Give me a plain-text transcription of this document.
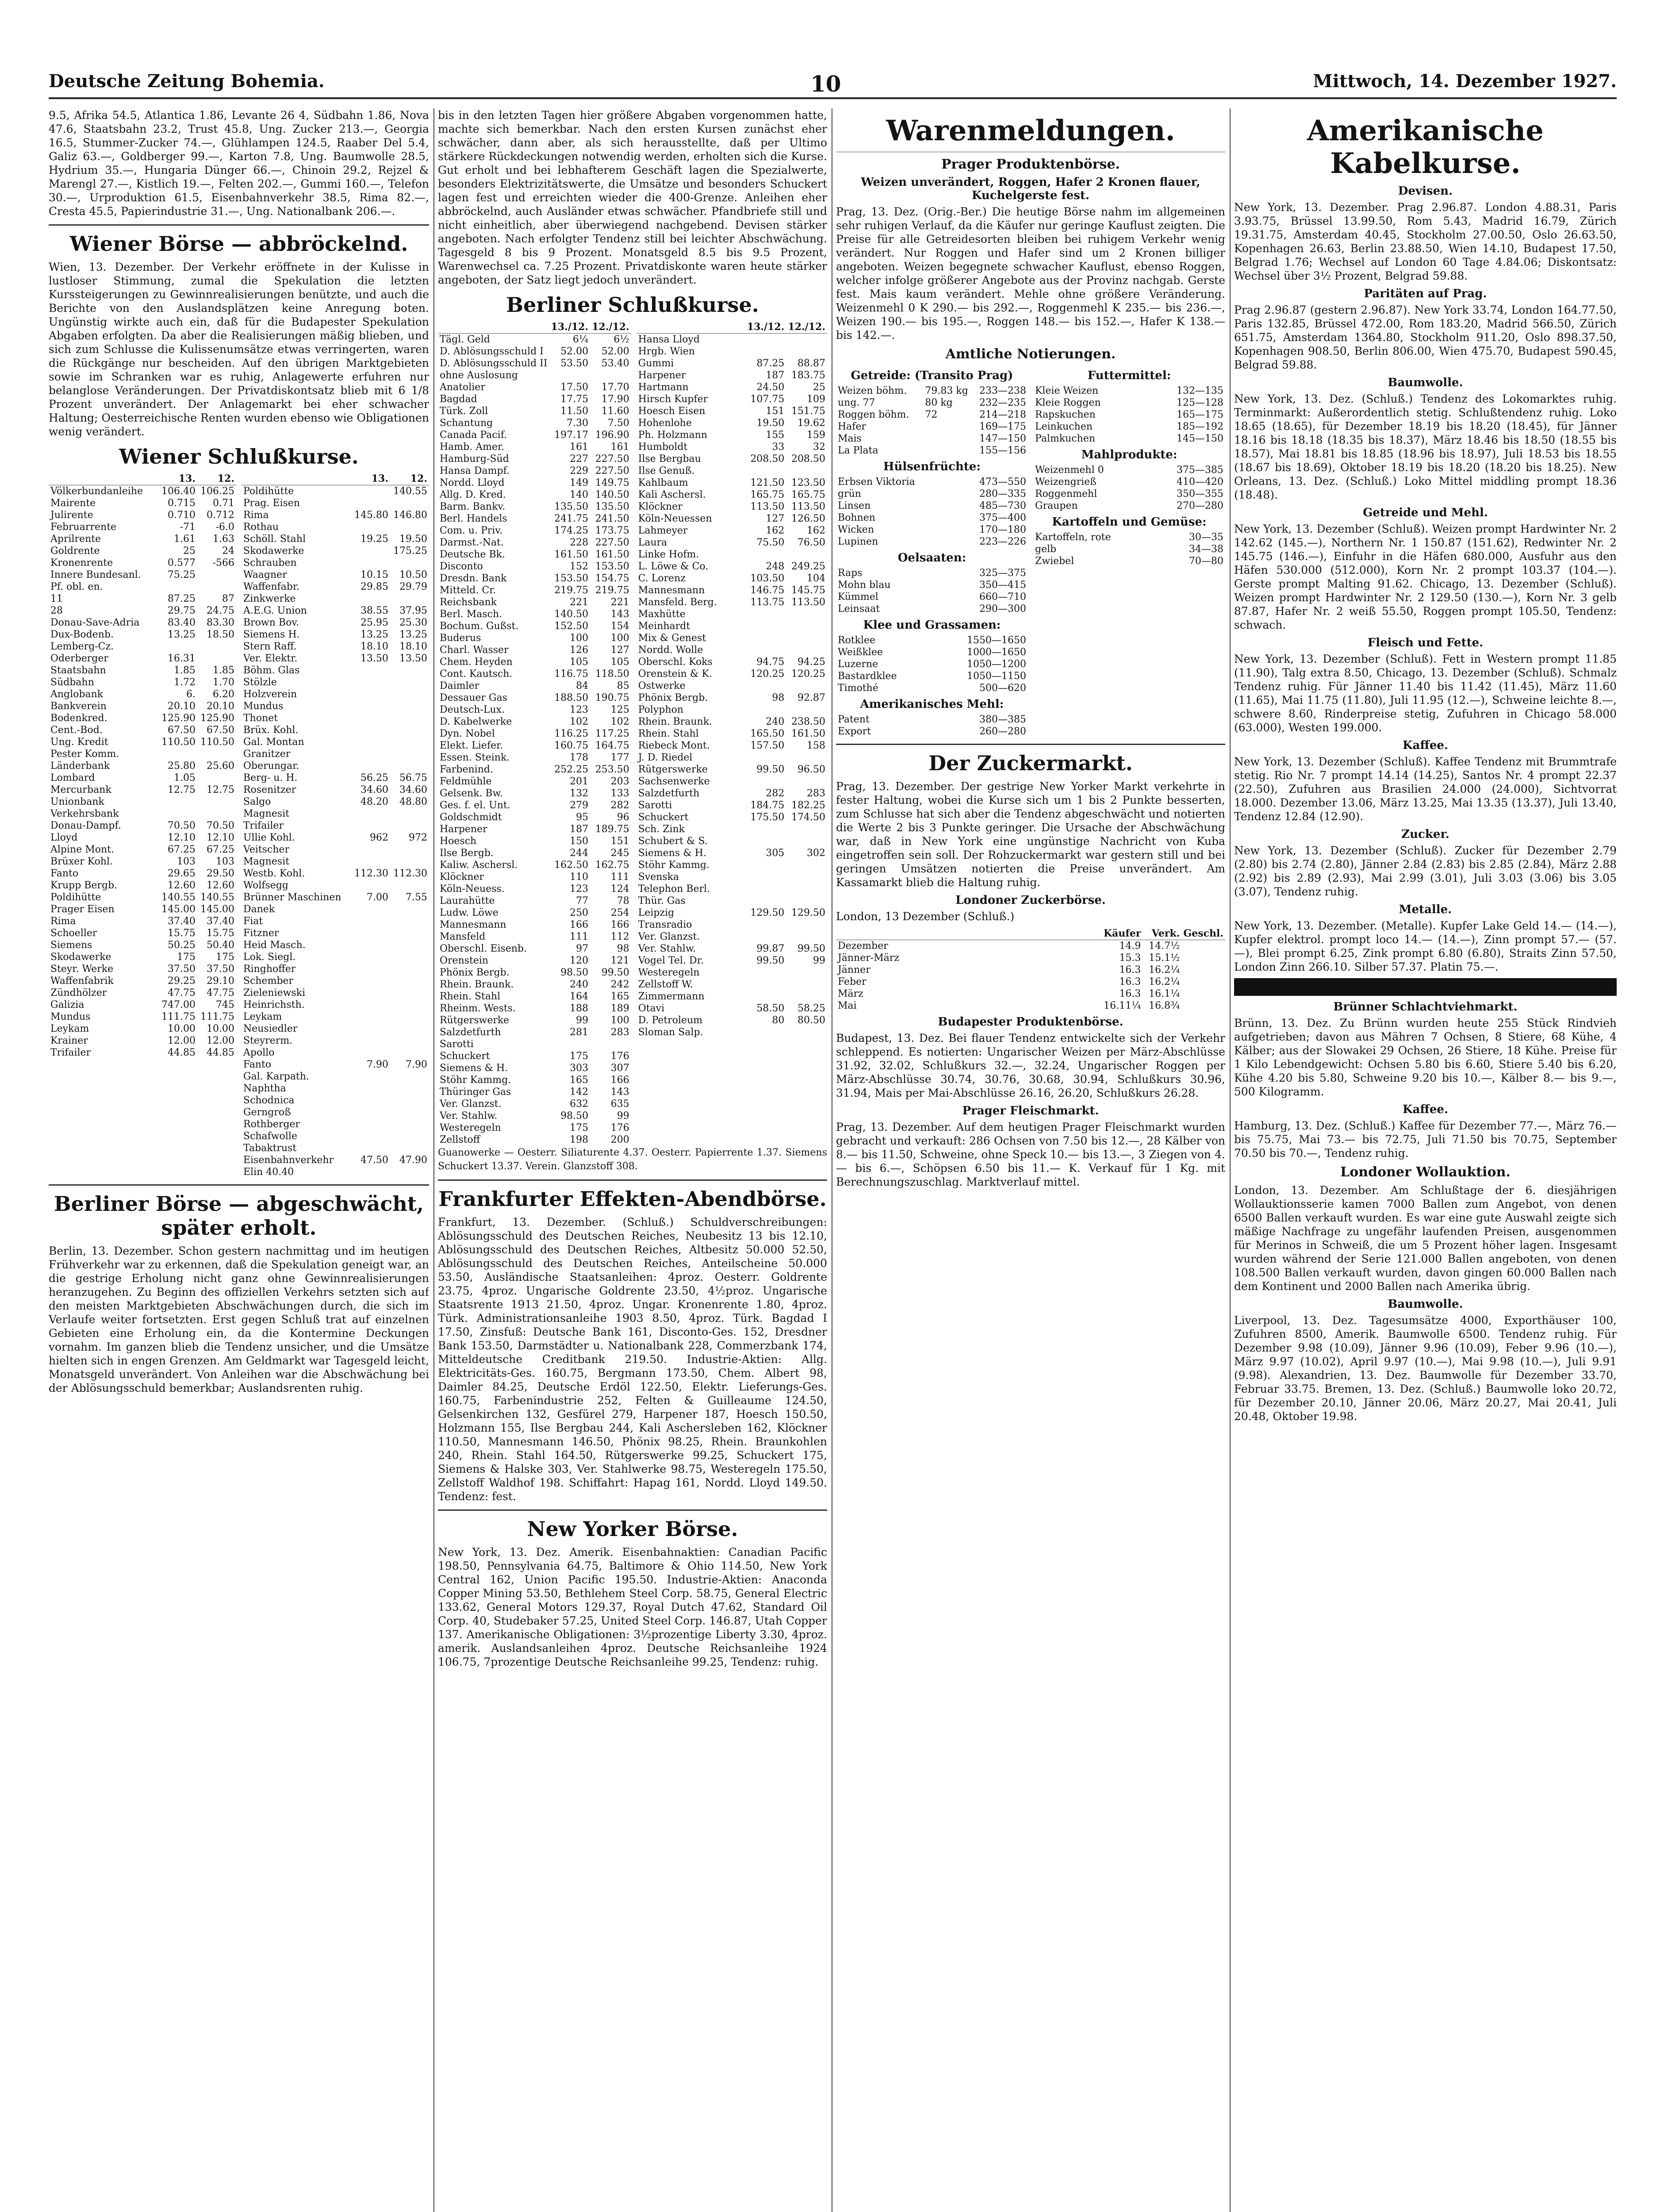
Deutsche Zeitung Bohemia.	10	Mittwoch, 14. Dezember 1927.

9.5, Afrika 54.5, Atlantica 1.86, Levante 26 4, Südbahn 1.86, Nova 47.6, Staatsbahn 23.2, Trust 45.8, Ung. Zucker 213.—, Georgia 16.5, Stummer-Zucker 74.—, Glühlampen 124.5, Raaber Del 5.4, Galiz 63.—, Goldberger 99.—, Karton 7.8, Ung. Baumwolle 28.5, Hydrium 35.—, Hungaria Dünger 66.—, Chinoin 29.2, Rejzel & Marengl 27.—, Kistlich 19.—, Felten 202.—, Gummi 160.—, Telefon 30.—, Urproduktion 61.5, Eisenbahnverkehr 38.5, Rima 82.—, Cresta 45.5, Papierindustrie 31.—, Ung. Nationalbank 206.—.

Wiener Börse — abbröckelnd.

Wien, 13. Dezember. Der Verkehr eröffnete in der Kulisse in lustloser Stimmung, zumal die Spekulation die letzten Kurssteigerungen zu Gewinnrealisierungen benützte, und auch die Berichte von den Auslandsplätzen keine Anregung boten. Ungünstig wirkte auch ein, daß für die Budapester Spekulation Abgaben erfolgten. Da aber die Realisierungen mäßig blieben, und sich zum Schlusse die Kulissenumsätze etwas verringerten, waren die Rückgänge nur bescheiden. Auf den übrigen Marktgebieten sowie im Schranken war es ruhig, Anlagewerte erfuhren nur belanglose Veränderungen. Der Privatdiskontsatz blieb mit 6 1/8 Prozent unverändert. Der Anlagemarkt bei eher schwacher Haltung; Oesterreichische Renten wurden ebenso wie Obligationen wenig verändert.

Wiener Schlußkurse.
	13.	12.
Völkerbundanleihe	106.40	106.25
Mairente	0.715	0.71
Julirente	0.710	0.712
Februarrente	-71	-6.0
Aprilrente	1.61	1.63
Goldrente	25	24
Kronenrente	0.577	-566
Innere Bundesanl.	75.25	
Pf. obl. en.		
11	87.25	87
28	29.75	24.75
Donau-Save-Adria	83.40	83.30
Dux-Bodenb.	13.25	18.50
Lemberg-Cz.		
Oderberger	16.31	
Staatsbahn	1.85	1.85
Südbahn	1.72	1.70
Anglobank	6.	6.20
Bankverein	20.10	20.10
Bodenkred.	125.90	125.90
Cent.-Bod.	67.50	67.50
Ung. Kredit	110.50	110.50
Pester Komm.		
Länderbank	25.80	25.60
Lombard	1.05	
Mercurbank	12.75	12.75
Unionbank		
Verkehrsbank		
Donau-Dampf.	70.50	70.50
Lloyd	12.10	12.10
Alpine Mont.	67.25	67.25
Brüxer Kohl.	103	103
Fanto	29.65	29.50
Krupp Bergb.	12.60	12.60
Poldihütte	140.55	140.55
Prager Eisen	145.00	145.00
Rima	37.40	37.40
Schoeller	15.75	15.75
Siemens	50.25	50.40
Skodawerke	175	175
Steyr. Werke	37.50	37.50
Waffenfabrik	29.25	29.10
Zündhölzer	47.75	47.75
Galizia	747.00	745
Mundus	111.75	111.75
Leykam	10.00	10.00
Krainer	12.00	12.00
Trifailer	44.85	44.85
	13.	12.
Poldihütte		140.55
Prag. Eisen		
Rima	145.80	146.80
Rothau		
Schöll. Stahl	19.25	19.50
Skodawerke		175.25
Schrauben		
Waagner	10.15	10.50
Waffenfabr.	29.85	29.79
Zinkwerke		
A.E.G. Union	38.55	37.95
Brown Bov.	25.95	25.30
Siemens H.	13.25	13.25
Stern Raff.	18.10	18.10
Ver. Elektr.	13.50	13.50
Böhm. Glas		
Stölzle		
Holzverein		
Mundus		
Thonet		
Brüx. Kohl.		
Gal. Montan		
Granitzer		
Oberungar.		
Berg- u. H.	56.25	56.75
Rosenitzer	34.60	34.60
Salgo	48.20	48.80
Magnesit		
Trifailer		
Ullie Kohl.	962	972
Veitscher		
Magnesit		
Westb. Kohl.	112.30	112.30
Wolfsegg		
Brünner Maschinen	7.00	7.55
Danek		
Fiat		
Fitzner		
Heid Masch.		
Lok. Siegl.		
Ringhoffer		
Schember		
Zieleniewski		
Heinrichsth.		
Leykam		
Neusiedler		
Steyrerm.		
Apollo		
Fanto	7.90	7.90
Gal. Karpath.		
Naphtha		
Schodnica		
Gerngroß		
Rothberger		
Schafwolle		
Tabaktrust		
Eisenbahnverkehr	47.50	47.90
Elin 40.40		
Berliner Börse — abgeschwächt, später erholt.

Berlin, 13. Dezember. Schon gestern nachmittag und im heutigen Frühverkehr war zu erkennen, daß die Spekulation geneigt war, an die gestrige Erholung nicht ganz ohne Gewinnrealisierungen heranzugehen. Zu Beginn des offiziellen Verkehrs setzten sich auf den meisten Marktgebieten Abschwächungen durch, die sich im Verlaufe weiter fortsetzten. Erst gegen Schluß trat auf einzelnen Gebieten eine Erholung ein, da die Kontermine Deckungen vornahm. Im ganzen blieb die Tendenz unsicher, und die Umsätze hielten sich in engen Grenzen. Am Geldmarkt war Tagesgeld leicht, Monatsgeld unverändert. Von Anleihen war die Abschwächung bei der Ablösungsschuld bemerkbar; Auslandsrenten ruhig.

bis in den letzten Tagen hier größere Abgaben vorgenommen hatte, machte sich bemerkbar. Nach den ersten Kursen zunächst eher schwächer, dann aber, als sich herausstellte, daß per Ultimo stärkere Rückdeckungen notwendig werden, erholten sich die Kurse. Gut erholt und bei lebhafterem Geschäft lagen die Spezialwerte, besonders Elektrizitätswerte, die Umsätze und besonders Schuckert lagen fest und erreichten wieder die 400-Grenze. Anleihen eher abbröckelnd, auch Ausländer etwas schwächer. Pfandbriefe still und nicht einheitlich, aber überwiegend nachgebend. Devisen stärker angeboten. Nach erfolgter Tendenz still bei leichter Abschwächung. Tagesgeld 8 bis 9 Prozent. Monatsgeld 8.5 bis 9.5 Prozent, Warenwechsel ca. 7.25 Prozent. Privatdiskonte waren heute stärker angeboten, der Satz liegt jedoch unverändert.

Berliner Schlußkurse.
	13./12.	12./12.
Tägl. Geld	6¼	6½
D. Ablösungsschuld I	52.00	52.00
D. Ablösungsschuld II	53.50	53.40
ohne Auslosung		
Anatolier	17.50	17.70
Bagdad	17.75	17.90
Türk. Zoll	11.50	11.60
Schantung	7.30	7.50
Canada Pacif.	197.17	196.90
Hamb. Amer.	161	161
Hamburg-Süd	227	227.50
Hansa Dampf.	229	227.50
Nordd. Lloyd	149	149.75
Allg. D. Kred.	140	140.50
Barm. Bankv.	135.50	135.50
Berl. Handels	241.75	241.50
Com. u. Priv.	174.25	173.75
Darmst.-Nat.	228	227.50
Deutsche Bk.	161.50	161.50
Disconto	152	153.50
Dresdn. Bank	153.50	154.75
Mitteld. Cr.	219.75	219.75
Reichsbank	221	221
Berl. Masch.	140.50	143
Bochum. Gußst.	152.50	154
Buderus	100	100
Charl. Wasser	126	127
Chem. Heyden	105	105
Cont. Kautsch.	116.75	118.50
Daimler	84	85
Dessauer Gas	188.50	190.75
Deutsch-Lux.	123	125
D. Kabelwerke	102	102
Dyn. Nobel	116.25	117.25
Elekt. Liefer.	160.75	164.75
Essen. Steink.	178	177
Farbenind.	252.25	253.50
Feldmühle	201	203
Gelsenk. Bw.	132	133
Ges. f. el. Unt.	279	282
Goldschmidt	95	96
Harpener	187	189.75
Hoesch	150	151
Ilse Bergb.	244	245
Kaliw. Aschersl.	162.50	162.75
Klöckner	110	111
Köln-Neuess.	123	124
Laurahütte	77	78
Ludw. Löwe	250	254
Mannesmann	166	166
Mansfeld	111	112
Oberschl. Eisenb.	97	98
Orenstein	120	121
Phönix Bergb.	98.50	99.50
Rhein. Braunk.	240	242
Rhein. Stahl	164	165
Rheinm. Wests.	188	189
Rütgerswerke	99	100
Salzdetfurth	281	283
Sarotti		
Schuckert	175	176
Siemens & H.	303	307
Stöhr Kammg.	165	166
Thüringer Gas	142	143
Ver. Glanzst.	632	635
Ver. Stahlw.	98.50	99
Westeregeln	175	176
Zellstoff	198	200
	13./12.	12./12.
Hansa Lloyd		
Hrgb. Wien		
Gummi	87.25	88.87
Harpener	187	183.75
Hartmann	24.50	25
Hirsch Kupfer	107.75	109
Hoesch Eisen	151	151.75
Hohenlohe	19.50	19.62
Ph. Holzmann	155	159
Humboldt	33	32
Ilse Bergbau	208.50	208.50
Ilse Genuß.		
Kahlbaum	121.50	123.50
Kali Aschersl.	165.75	165.75
Klöckner	113.50	113.50
Köln-Neuessen	127	126.50
Lahmeyer	162	162
Laura	75.50	76.50
Linke Hofm.		
L. Löwe & Co.	248	249.25
C. Lorenz	103.50	104
Mannesmann	146.75	145.75
Mansfeld. Berg.	113.75	113.50
Maxhütte		
Meinhardt		
Mix & Genest		
Nordd. Wolle		
Oberschl. Koks	94.75	94.25
Orenstein & K.	120.25	120.25
Ostwerke		
Phönix Bergb.	98	92.87
Polyphon		
Rhein. Braunk.	240	238.50
Rhein. Stahl	165.50	161.50
Riebeck Mont.	157.50	158
J. D. Riedel		
Rütgerswerke	99.50	96.50
Sachsenwerke		
Salzdetfurth	282	283
Sarotti	184.75	182.25
Schuckert	175.50	174.50
Sch. Zink		
Schubert & S.		
Siemens & H.	305	302
Stöhr Kammg.		
Svenska		
Telephon Berl.		
Thür. Gas		
Leipzig	129.50	129.50
Transradio		
Ver. Glanzst.		
Ver. Stahlw.	99.87	99.50
Vogel Tel. Dr.	99.50	99
Westeregeln		
Zellstoff W.		
Zimmermann		
Otavi	58.50	58.25
D. Petroleum	80	80.50
Sloman Salp.		

Guanowerke — Oesterr. Siliaturente 4.37. Oesterr. Papierrente 1.37. Siemens Schuckert 13.37. Verein. Glanzstoff 308.

Frankfurter Effekten-Abendbörse.

Frankfurt, 13. Dezember. (Schluß.) Schuldverschreibungen: Ablösungsschuld des Deutschen Reiches, Neubesitz 13 bis 12.10, Ablösungsschuld des Deutschen Reiches, Altbesitz 50.000 52.50, Ablösungsschuld des Deutschen Reiches, Anteilscheine 50.000 53.50, Ausländische Staatsanleihen: 4proz. Oesterr. Goldrente 23.75, 4proz. Ungarische Goldrente 23.50, 4½proz. Ungarische Staatsrente 1913 21.50, 4proz. Ungar. Kronenrente 1.80, 4proz. Türk. Administrationsanleihe 1903 8.50, 4proz. Türk. Bagdad I 17.50, Zinsfuß: Deutsche Bank 161, Disconto-Ges. 152, Dresdner Bank 153.50, Darmstädter u. Nationalbank 228, Commerzbank 174, Mitteldeutsche Creditbank 219.50. Industrie-Aktien: Allg. Elektricitäts-Ges. 160.75, Bergmann 173.50, Chem. Albert 98, Daimler 84.25, Deutsche Erdöl 122.50, Elektr. Lieferungs-Ges. 160.75, Farbenindustrie 252, Felten & Guilleaume 124.50, Gelsenkirchen 132, Gesfürel 279, Harpener 187, Hoesch 150.50, Holzmann 155, Ilse Bergbau 244, Kali Aschersleben 162, Klöckner 110.50, Mannesmann 146.50, Phönix 98.25, Rhein. Braunkohlen 240, Rhein. Stahl 164.50, Rütgerswerke 99.25, Schuckert 175, Siemens & Halske 303, Ver. Stahlwerke 98.75, Westeregeln 175.50, Zellstoff Waldhof 198. Schiffahrt: Hapag 161, Nordd. Lloyd 149.50. Tendenz: fest.

New Yorker Börse.

New York, 13. Dez. Amerik. Eisenbahnaktien: Canadian Pacific 198.50, Pennsylvania 64.75, Baltimore & Ohio 114.50, New York Central 162, Union Pacific 195.50. Industrie-Aktien: Anaconda Copper Mining 53.50, Bethlehem Steel Corp. 58.75, General Electric 133.62, General Motors 129.37, Royal Dutch 47.62, Standard Oil Corp. 40, Studebaker 57.25, United Steel Corp. 146.87, Utah Copper 137. Amerikanische Obligationen: 3½prozentige Liberty 3.30, 4proz. amerik. Auslandsanleihen 4proz. Deutsche Reichsanleihe 1924 106.75, 7prozentige Deutsche Reichsanleihe 99.25, Tendenz: ruhig.

Warenmeldungen.
Prager Produktenbörse.
Weizen unverändert, Roggen, Hafer 2 Kronen flauer, Kuchelgerste fest.

Prag, 13. Dez. (Orig.-Ber.) Die heutige Börse nahm im allgemeinen sehr ruhigen Verlauf, da die Käufer nur geringe Kauflust zeigten. Die Preise für alle Getreidesorten bleiben bei ruhigem Verkehr wenig verändert. Nur Roggen und Hafer sind um 2 Kronen billiger angeboten. Weizen begegnete schwacher Kauflust, ebenso Roggen, welcher infolge größerer Angebote aus der Provinz nachgab. Gerste fest. Mais kaum verändert. Mehle ohne größere Veränderung. Weizenmehl 0 K 290.— bis 292.—, Roggenmehl K 235.— bis 236.—, Weizen 190.— bis 195.—, Roggen 148.— bis 152.—, Hafer K 138.— bis 142.—.

Amtliche Notierungen.
Getreide: (Transito Prag)
Weizen böhm.	79.83 kg	233—238
ung. 77	80 kg	232—235
Roggen böhm.	72	214—218
Hafer		169—175
Mais		147—150
La Plata		155—156
Hülsenfrüchte:
Erbsen Viktoria	473—550
grün	280—335
Linsen	485—730
Bohnen	375—400
Wicken	170—180
Lupinen	223—226
Oelsaaten:
Raps	325—375
Mohn blau	350—415
Kümmel	660—710
Leinsaat	290—300
Klee und Grassamen:
Rotklee	1550—1650
Weißklee	1000—1650
Luzerne	1050—1200
Bastardklee	1050—1150
Timothé	500—620
Amerikanisches Mehl:
Patent	380—385
Export	260—280
Futtermittel:
Kleie Weizen	132—135
Kleie Roggen	125—128
Rapskuchen	165—175
Leinkuchen	185—192
Palmkuchen	145—150
Mahlprodukte:
Weizenmehl 0	375—385
Weizengrieß	410—420
Roggenmehl	350—355
Graupen	270—280
Kartoffeln und Gemüse:
Kartoffeln, rote	30—35
gelb	34—38
Zwiebel	70—80
Der Zuckermarkt.

Prag, 13. Dezember. Der gestrige New Yorker Markt verkehrte in fester Haltung, wobei die Kurse sich um 1 bis 2 Punkte besserten, zum Schlusse hat sich aber die Tendenz abgeschwächt und notierten die Werte 2 bis 3 Punkte geringer. Die Ursache der Abschwächung war, daß in New York eine ungünstige Nachricht von Kuba eingetroffen sein soll. Der Rohzuckermarkt war gestern still und bei geringen Umsätzen notierten die Preise unverändert. Am Kassamarkt blieb die Haltung ruhig.

Londoner Zuckerbörse.

London, 13 Dezember (Schluß.)

	Käufer	Verk.	Geschl.
Dezember	14.9	14.7½	
Jänner-März	15.3	15.1½	
Jänner	16.3	16.2¼	
Feber	16.3	16.2¼	
März	16.3	16.1¼	
Mai	16.11¼	16.8¾	
Budapester Produktenbörse.

Budapest, 13. Dez. Bei flauer Tendenz entwickelte sich der Verkehr schleppend. Es notierten: Ungarischer Weizen per März-Abschlüsse 31.92, 32.02, Schlußkurs 32.—, 32.24, Ungarischer Roggen per März-Abschlüsse 30.74, 30.76, 30.68, 30.94, Schlußkurs 30.96, 31.94, Mais per Mai-Abschlüsse 26.16, 26.20, Schlußkurs 26.28.

Prager Fleischmarkt.

Prag, 13. Dezember. Auf dem heutigen Prager Fleischmarkt wurden gebracht und verkauft: 286 Ochsen von 7.50 bis 12.—, 28 Kälber von 8.— bis 11.50, Schweine, ohne Speck 10.— bis 13.—, 3 Ziegen von 4.— bis 6.—, Schöpsen 6.50 bis 11.— K. Verkauf für 1 Kg. mit Berechnungszuschlag. Marktverlauf mittel.

Amerikanische Kabelkurse.
Devisen.

New York, 13. Dezember. Prag 2.96.87. London 4.88.31, Paris 3.93.75, Brüssel 13.99.50, Rom 5.43, Madrid 16.79, Zürich 19.31.75, Amsterdam 40.45, Stockholm 27.00.50, Oslo 26.63.50, Kopenhagen 26.63, Berlin 23.88.50, Wien 14.10, Budapest 17.50, Belgrad 1.76; Wechsel auf London 60 Tage 4.84.06; Diskontsatz: Wechsel über 3½ Prozent, Belgrad 59.88.

Paritäten auf Prag.

Prag 2.96.87 (gestern 2.96.87). New York 33.74, London 164.77.50, Paris 132.85, Brüssel 472.00, Rom 183.20, Madrid 566.50, Zürich 651.75, Amsterdam 1364.80, Stockholm 911.20, Oslo 898.37.50, Kopenhagen 908.50, Berlin 806.00, Wien 475.70, Budapest 590.45, Belgrad 59.88.

Baumwolle.

New York, 13. Dez. (Schluß.) Tendenz des Lokomarktes ruhig. Terminmarkt: Außerordentlich stetig. Schlußtendenz ruhig. Loko 18.65 (18.65), für Dezember 18.19 bis 18.20 (18.45), für Jänner 18.16 bis 18.18 (18.35 bis 18.37), März 18.46 bis 18.50 (18.55 bis 18.57), Mai 18.81 bis 18.85 (18.96 bis 18.97), Juli 18.53 bis 18.55 (18.67 bis 18.69), Oktober 18.19 bis 18.20 (18.20 bis 18.25). New Orleans, 13. Dez. (Schluß.) Loko Mittel middling prompt 18.36 (18.48).

Getreide und Mehl.

New York, 13. Dezember (Schluß). Weizen prompt Hardwinter Nr. 2 142.62 (145.—), Northern Nr. 1 150.87 (151.62), Redwinter Nr. 2 145.75 (146.—), Einfuhr in die Häfen 680.000, Ausfuhr aus den Häfen 530.000 (512.000), Korn Nr. 2 prompt 103.37 (104.—). Gerste prompt Malting 91.62. Chicago, 13. Dezember (Schluß). Weizen prompt Hardwinter Nr. 2 129.50 (130.—), Korn Nr. 3 gelb 87.87, Hafer Nr. 2 weiß 55.50, Roggen prompt 105.50, Tendenz: schwach.

Fleisch und Fette.

New York, 13. Dezember (Schluß). Fett in Western prompt 11.85 (11.90), Talg extra 8.50, Chicago, 13. Dezember (Schluß). Schmalz Tendenz ruhig. Für Jänner 11.40 bis 11.42 (11.45), März 11.60 (11.65), Mai 11.75 (11.80), Juli 11.95 (12.—), Schweine leichte 8.—, schwere 8.60, Rinderpreise stetig, Zufuhren in Chicago 58.000 (63.000), Westen 199.000.

Kaffee.

New York, 13. Dezember (Schluß). Kaffee Tendenz mit Brummtrafe stetig. Rio Nr. 7 prompt 14.14 (14.25), Santos Nr. 4 prompt 22.37 (22.50), Zufuhren aus Brasilien 24.000 (24.000), Sichtvorrat 18.000. Dezember 13.06, März 13.25, Mai 13.35 (13.37), Juli 13.40, Tendenz 12.84 (12.90).

Zucker.

New York, 13. Dezember (Schluß). Zucker für Dezember 2.79 (2.80) bis 2.74 (2.80), Jänner 2.84 (2.83) bis 2.85 (2.84), März 2.88 (2.92) bis 2.89 (2.93), Mai 2.99 (3.01), Juli 3.03 (3.06) bis 3.05 (3.07), Tendenz ruhig.

Metalle.

New York, 13. Dezember. (Metalle). Kupfer Lake Geld 14.— (14.—), Kupfer elektrol. prompt loco 14.— (14.—), Zinn prompt 57.— (57.—), Blei prompt 6.25, Zink prompt 6.80 (6.80), Straits Zinn 57.50, London Zinn 266.10. Silber 57.37. Platin 75.—.

Brünner Schlachtviehmarkt.

Brünn, 13. Dez. Zu Brünn wurden heute 255 Stück Rindvieh aufgetrieben; davon aus Mähren 7 Ochsen, 8 Stiere, 68 Kühe, 4 Kälber; aus der Slowakei 29 Ochsen, 26 Stiere, 18 Kühe. Preise für 1 Kilo Lebendgewicht: Ochsen 5.80 bis 6.60, Stiere 5.40 bis 6.20, Kühe 4.20 bis 5.80, Schweine 9.20 bis 10.—, Kälber 8.— bis 9.—, 500 Kilogramm.

Kaffee.

Hamburg, 13. Dez. (Schluß.) Kaffee für Dezember 77.—, März 76.— bis 75.75, Mai 73.— bis 72.75, Juli 71.50 bis 70.75, September 70.50 bis 70.—, Tendenz ruhig.

Londoner Wollauktion.

London, 13. Dezember. Am Schlußtage der 6. diesjährigen Wollauktionsserie kamen 7000 Ballen zum Angebot, von denen 6500 Ballen verkauft wurden. Es war eine gute Auswahl zeigte sich mäßige Nachfrage zu ungefähr laufenden Preisen, ausgenommen für Merinos in Schweiß, die um 5 Prozent höher lagen. Insgesamt wurden während der Serie 121.000 Ballen angeboten, von denen 108.500 Ballen verkauft wurden, davon gingen 60.000 Ballen nach dem Kontinent und 2000 Ballen nach Amerika übrig.

Baumwolle.

Liverpool, 13. Dez. Tagesumsätze 4000, Exporthäuser 100, Zufuhren 8500, Amerik. Baumwolle 6500. Tendenz ruhig. Für Dezember 9.98 (10.09), Jänner 9.96 (10.09), Feber 9.96 (10.—), März 9.97 (10.02), April 9.97 (10.—), Mai 9.98 (10.—), Juli 9.91 (9.98). Alexandrien, 13. Dez. Baumwolle für Dezember 33.70, Februar 33.75. Bremen, 13. Dez. (Schluß.) Baumwolle loko 20.72, für Dezember 20.10, Jänner 20.06, März 20.27, Mai 20.41, Juli 20.48, Oktober 19.98.
